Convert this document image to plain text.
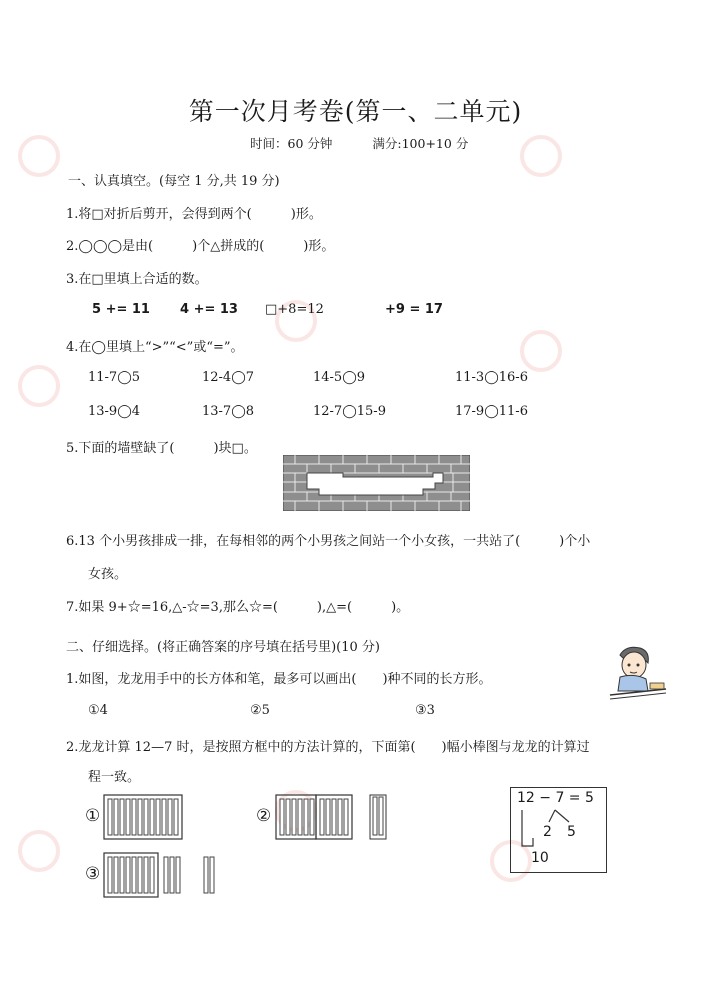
第一次月考卷(第一、二单元)
时间：60 分钟	满分:100+10 分
一、认真填空。(每空 1 分,共 19 分)
1.将□对折后剪开，会得到两个(　　　)形。
2.◯◯◯是由(　　　)个△拼成的(　　　)形。
3.在□里填上合适的数。
5 += 11 4 += 13 □+8=12	+9 = 17
4.在◯里填上“>”“<”或“=”。
11-7◯5	12-4◯7	14-5◯9	11-3◯16-6
13-9◯4	13-7◯8	12-7◯15-9	17-9◯11-6
5.下面的墙壁缺了(　　　)块□。
6.13 个小男孩排成一排，在每相邻的两个小男孩之间站一个小女孩，一共站了(　　　)个小
女孩。
7.如果 9+☆=16,△-☆=3,那么☆=(　　　),△=(　　　)。
二、仔细选择。(将正确答案的序号填在括号里)(10 分)
1.如图，龙龙用手中的长方体和笔，最多可以画出(　　)种不同的长方形。
①4	②5	③3
2.龙龙计算 12—7 时，是按照方框中的方法计算的，下面第(　　)幅小棒图与龙龙的计算过
程一致。
①	②
③
12 − 7 = 5
2 5
10
